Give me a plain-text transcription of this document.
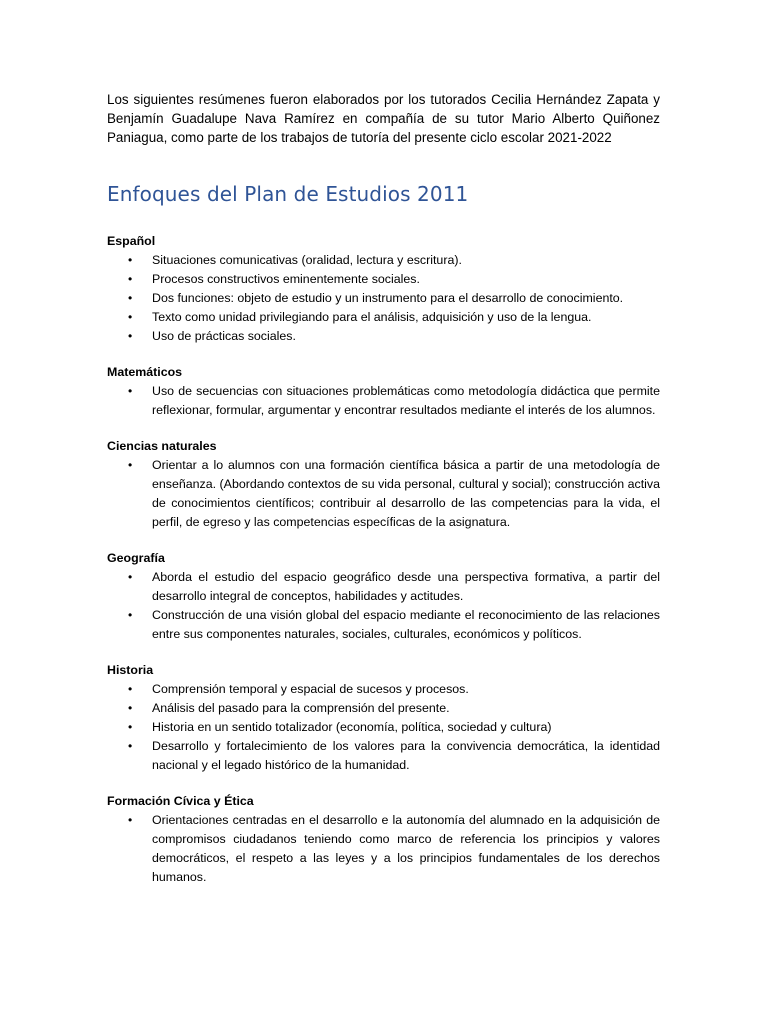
Los siguientes resúmenes fueron elaborados por los tutorados Cecilia Hernández Zapata y Benjamín Guadalupe Nava Ramírez en compañía de su tutor Mario Alberto Quiñonez Paniagua, como parte de los trabajos de tutoría del presente ciclo escolar 2021-2022

Enfoques del Plan de Estudios 2011
Español
• Situaciones comunicativas (oralidad, lectura y escritura).
• Procesos constructivos eminentemente sociales.
• Dos funciones: objeto de estudio y un instrumento para el desarrollo de conocimiento.
• Texto como unidad privilegiando para el análisis, adquisición y uso de la lengua.
• Uso de prácticas sociales.
Matemáticos
• Uso de secuencias con situaciones problemáticas como metodología didáctica que permite reflexionar, formular, argumentar y encontrar resultados mediante el interés de los alumnos.
Ciencias naturales
• Orientar a lo alumnos con una formación científica básica a partir de una metodología de enseñanza. (Abordando contextos de su vida personal, cultural y social); construcción activa de conocimientos científicos; contribuir al desarrollo de las competencias para la vida, el perfil, de egreso y las competencias específicas de la asignatura.
Geografía
• Aborda el estudio del espacio geográfico desde una perspectiva formativa, a partir del desarrollo integral de conceptos, habilidades y actitudes.
• Construcción de una visión global del espacio mediante el reconocimiento de las relaciones entre sus componentes naturales, sociales, culturales, económicos y políticos.
Historia
• Comprensión temporal y espacial de sucesos y procesos.
• Análisis del pasado para la comprensión del presente.
• Historia en un sentido totalizador (economía, política, sociedad y cultura)
• Desarrollo y fortalecimiento de los valores para la convivencia democrática, la identidad nacional y el legado histórico de la humanidad.
Formación Cívica y Ética
• Orientaciones centradas en el desarrollo e la autonomía del alumnado en la adquisición de compromisos ciudadanos teniendo como marco de referencia los principios y valores democráticos, el respeto a las leyes y a los principios fundamentales de los derechos humanos.
